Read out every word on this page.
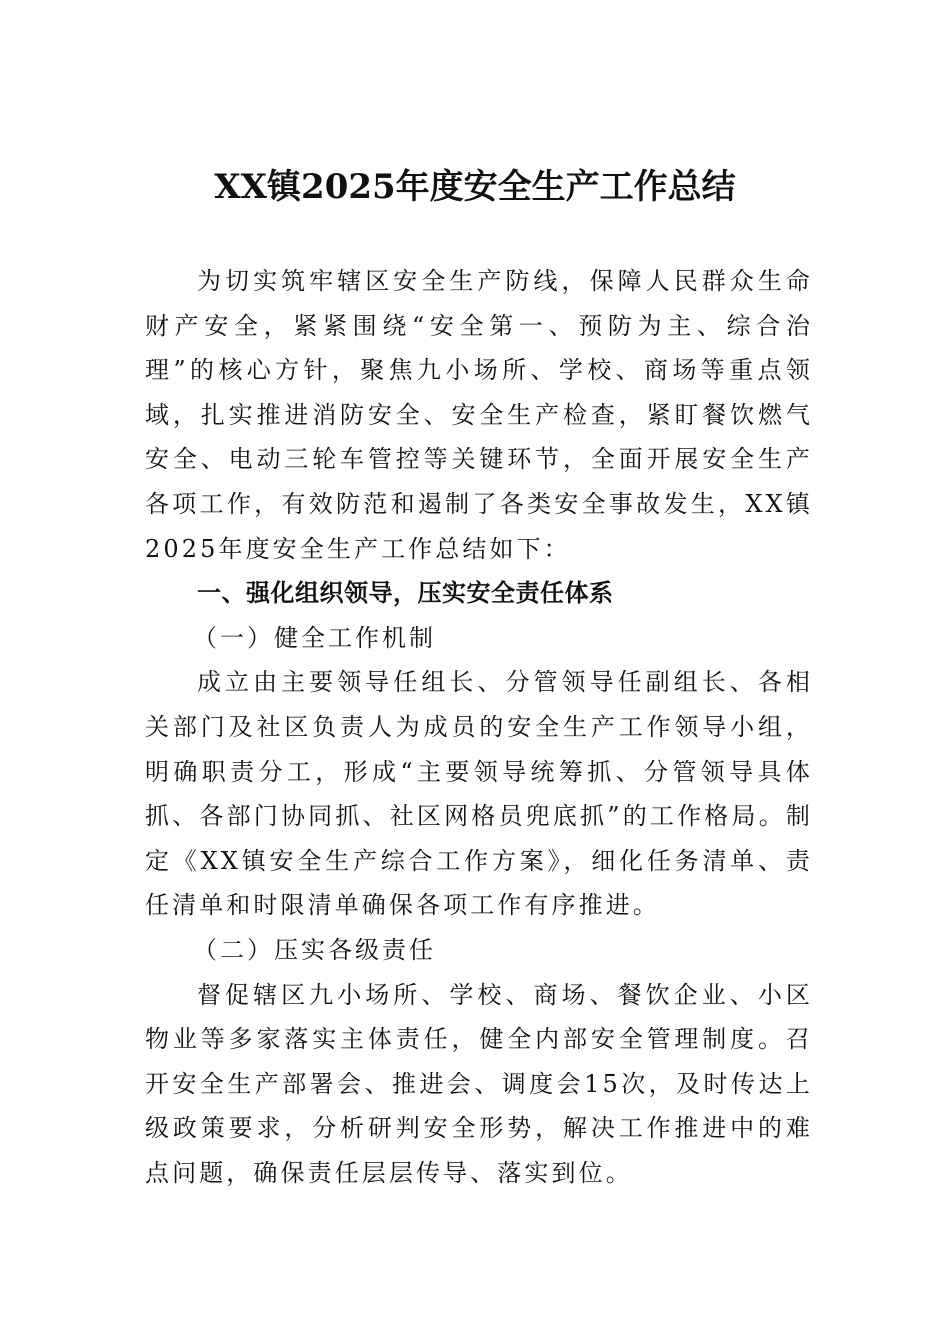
XX镇2025年度安全生产工作总结

为切实筑牢辖区安全生产防线，保障人民群众生命财产安全，紧紧围绕“安全第一、预防为主、综合治理”的核心方针，聚焦九小场所、学校、商场等重点领域，扎实推进消防安全、安全生产检查，紧盯餐饮燃气安全、电动三轮车管控等关键环节，全面开展安全生产各项工作，有效防范和遏制了各类安全事故发生，XX镇2025年度安全生产工作总结如下：

一、强化组织领导，压实安全责任体系
（一）健全工作机制

成立由主要领导任组长、分管领导任副组长、各相关部门及社区负责人为成员的安全生产工作领导小组，明确职责分工，形成“主要领导统筹抓、分管领导具体抓、各部门协同抓、社区网格员兜底抓”的工作格局。制定《XX镇安全生产综合工作方案》，细化任务清单、责任清单和时限清单确保各项工作有序推进。

（二）压实各级责任

督促辖区九小场所、学校、商场、餐饮企业、小区物业等多家落实主体责任，健全内部安全管理制度。召开安全生产部署会、推进会、调度会15次，及时传达上级政策要求，分析研判安全形势，解决工作推进中的难点问题，确保责任层层传导、落实到位。
